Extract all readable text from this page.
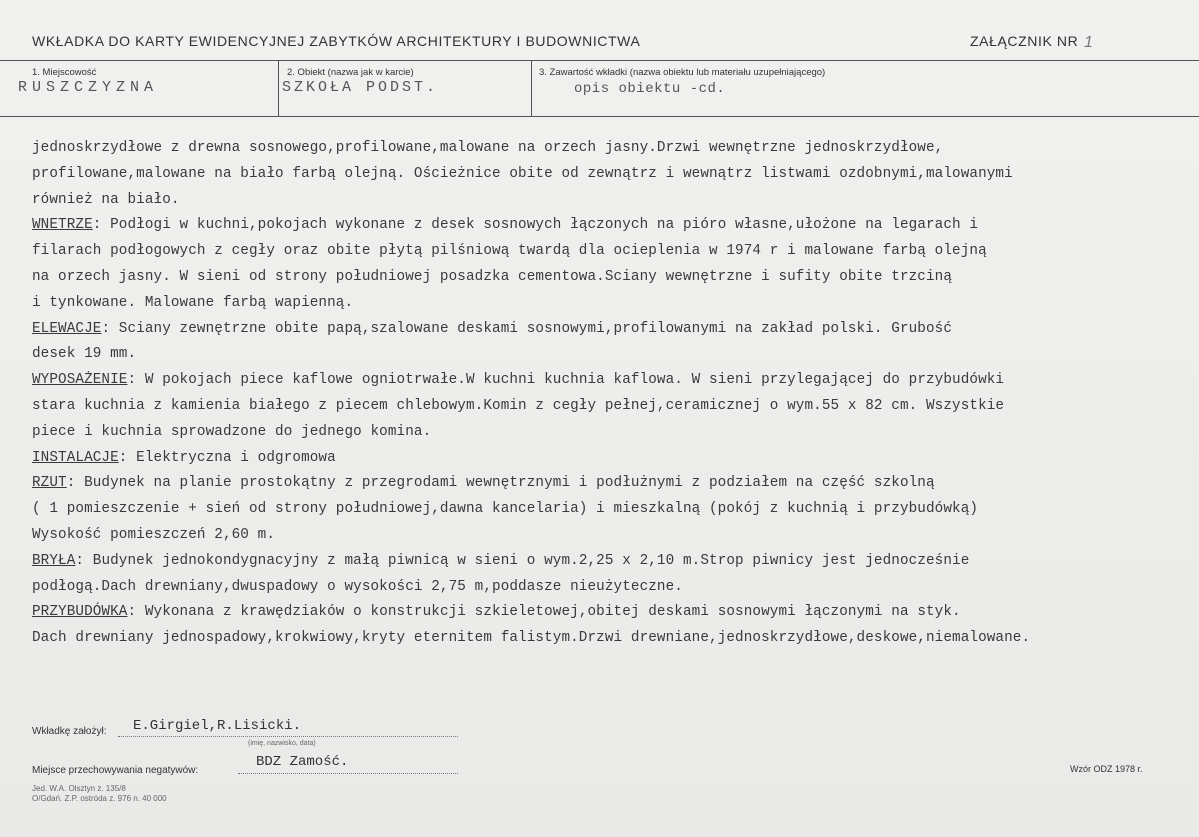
WKŁADKA DO KARTY EWIDENCYJNEJ ZABYTKÓW ARCHITEKTURY I BUDOWNICTWA	ZAŁĄCZNIK NR 1
1. Miejscowość
RUSZCZYZNA
2. Obiekt (nazwa jak w karcie)
SZKOŁA PODST.
3. Zawartość wkładki (nazwa obiektu lub materiału uzupełniającego)
opis obiektu -cd.
jednoskrzydłowe z drewna sosnowego,profilowane,malowane na orzech jasny.Drzwi wewnętrzne jednoskrzydłowe,
profilowane,malowane na biało farbą olejną. Ościeżnice obite od zewnątrz i wewnątrz listwami ozdobnymi,malowanymi
również na biało.
WNETRZE: Podłogi w kuchni,pokojach wykonane z desek sosnowych łączonych na pióro własne,ułożone na legarach i
filarach podłogowych z cegły oraz obite płytą pilśniową twardą dla ocieplenia w 1974 r i malowane farbą olejną
na orzech jasny. W sieni od strony południowej posadzka cementowa.Sciany wewnętrzne i sufity obite trzciną
i tynkowane. Malowane farbą wapienną.
ELEWACJE: Sciany zewnętrzne obite papą,szalowane deskami sosnowymi,profilowanymi na zakład polski. Grubość
desek 19 mm.
WYPOSAŻENIE: W pokojach piece kaflowe ogniotrwałe.W kuchni kuchnia kaflowa. W sieni przylegającej do przybudówki
stara kuchnia z kamienia białego z piecem chlebowym.Komin z cegły pełnej,ceramicznej o wym.55 x 82 cm. Wszystkie
piece i kuchnia sprowadzone do jednego komina.
INSTALACJE: Elektryczna i odgromowa
RZUT: Budynek na planie prostokątny z przegrodami wewnętrznymi i podłużnymi z podziałem na część szkolną
( 1 pomieszczenie + sień od strony południowej,dawna kancelaria) i mieszkalną (pokój z kuchnią i przybudówką)
Wysokość pomieszczeń 2,60 m.
BRYŁA: Budynek jednokondygnacyjny z małą piwnicą w sieni o wym.2,25 x 2,10 m.Strop piwnicy jest jednocześnie
podłogą.Dach drewniany,dwuspadowy o wysokości 2,75 m,poddasze nieużyteczne.
PRZYBUDÓWKA: Wykonana z krawędziaków o konstrukcji szkieletowej,obitej deskami sosnowymi łączonymi na styk.
Dach drewniany jednospadowy,krokwiowy,kryty eternitem falistym.Drzwi drewniane,jednoskrzydłowe,deskowe,niemalowane.
Wkładkę założył: E.Girgiel,R.Lisicki.
(imię, nazwisko, data)
Miejsce przechowywania negatywów:
BDZ Zamość.
Jed. W.A. Olsztyn z. 135/8
O/Gdań. Z.P. ostróda z. 976 n. 40 000
Wzór ODZ 1978 r.
